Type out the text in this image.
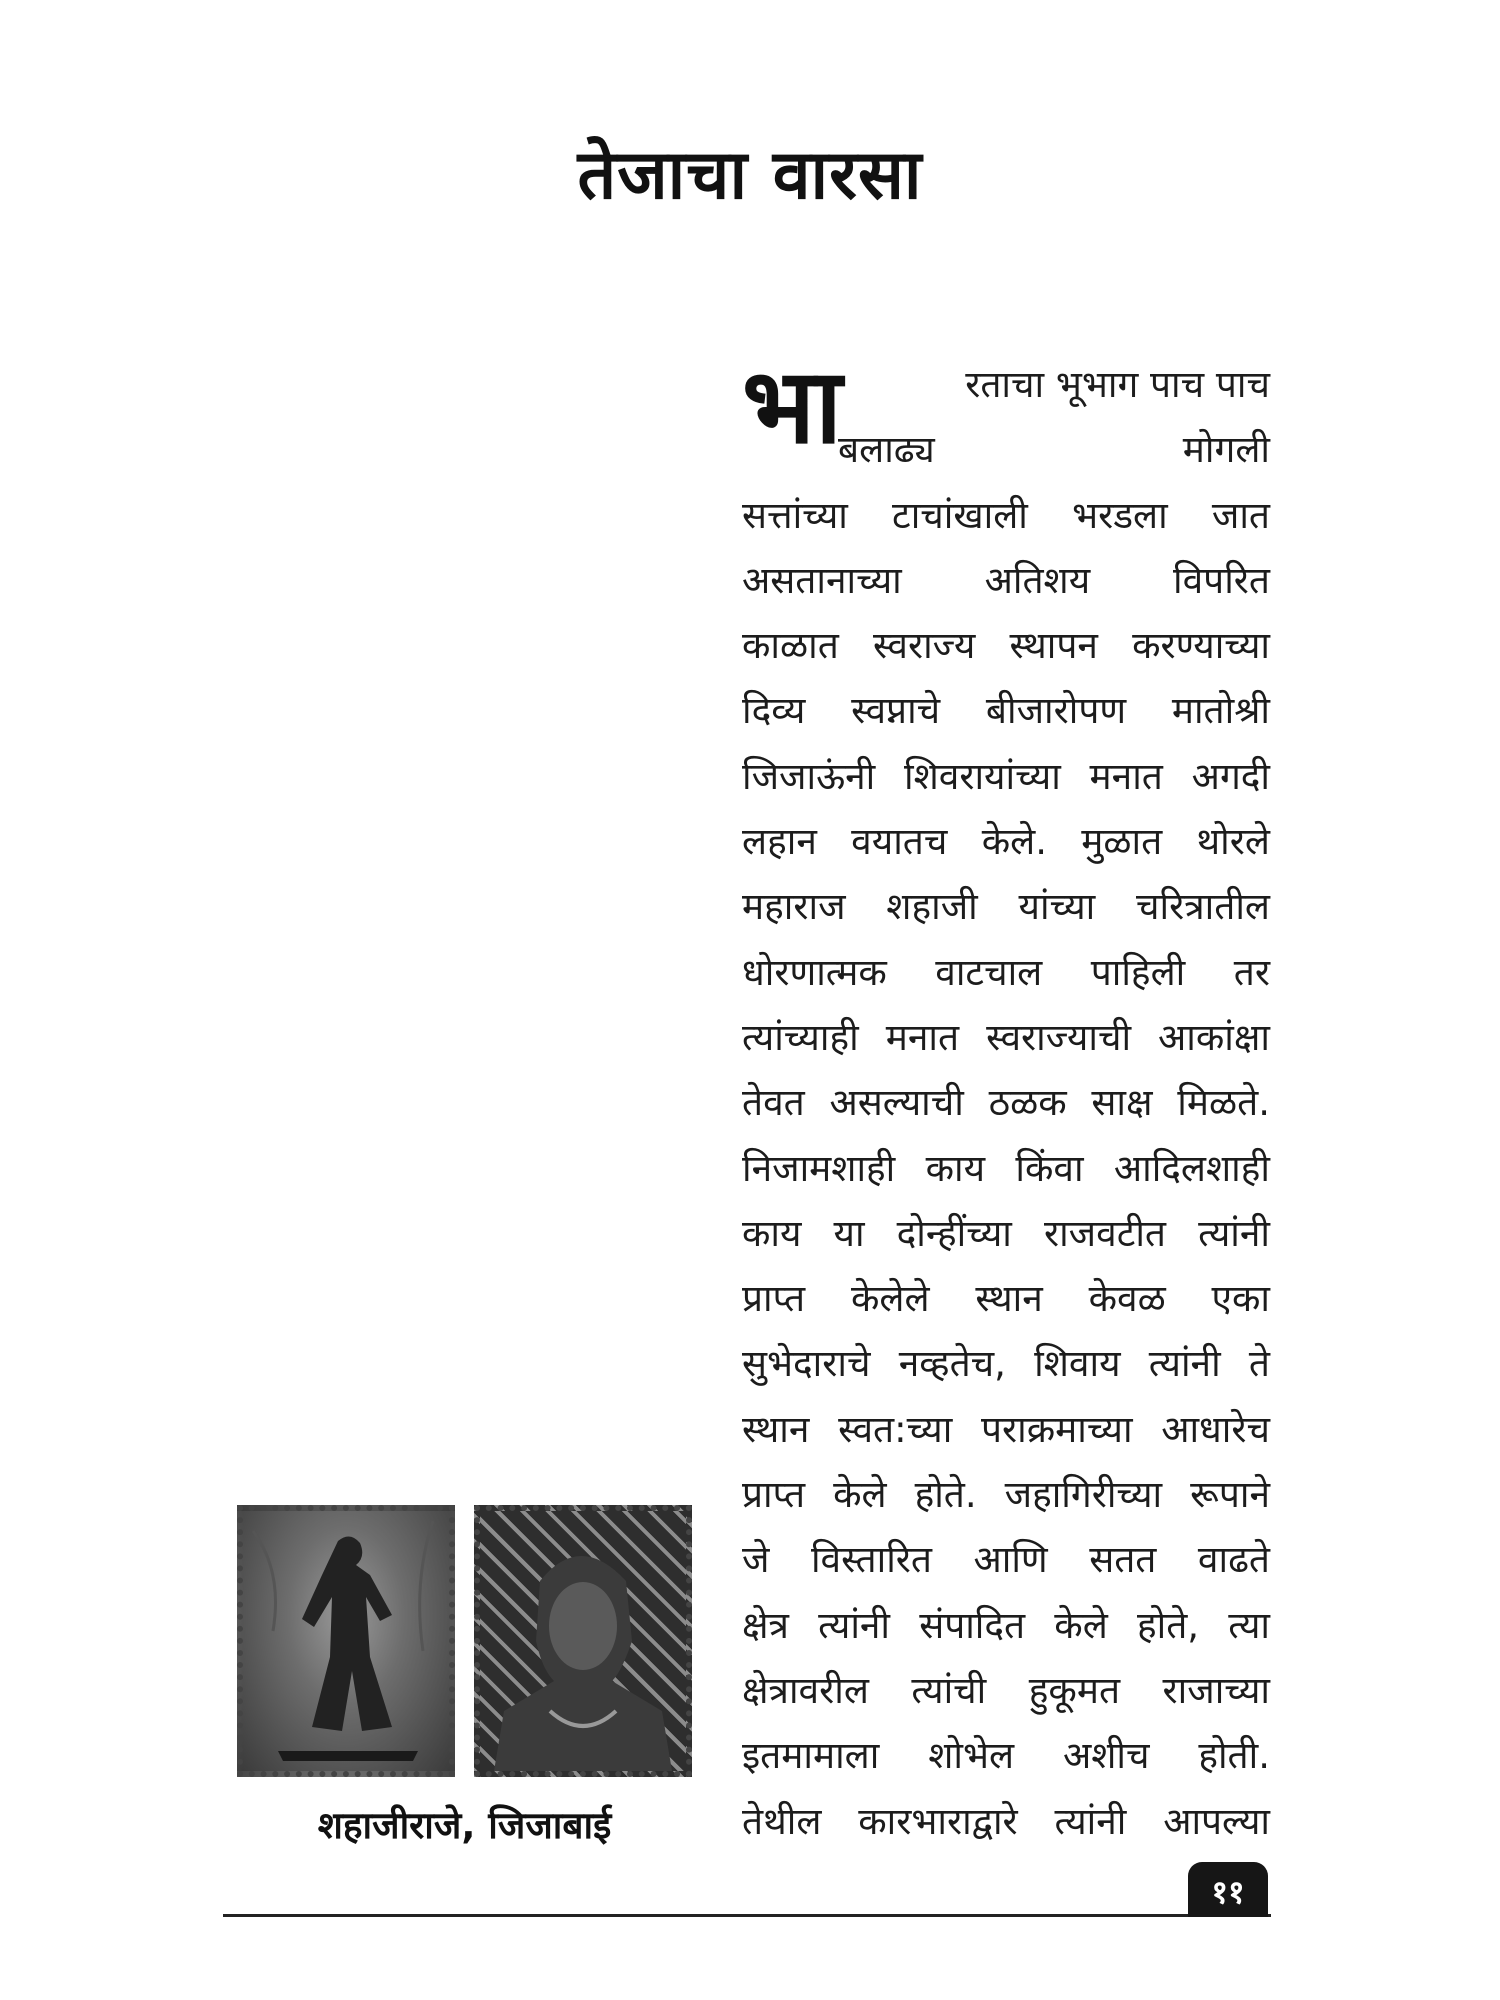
तेजाचा वारसा
भा	रताचा भूभाग पाच पाच
बलाढ्य	मोगली
सत्तांच्या टाचांखाली भरडला जात
असतानाच्या अतिशय विपरित
काळात स्वराज्य स्थापन करण्याच्या
दिव्य स्वप्नाचे बीजारोपण मातोश्री
जिजाऊंनी शिवरायांच्या मनात अगदी
लहान वयातच केले. मुळात थोरले
महाराज शहाजी यांच्या चरित्रातील
धोरणात्मक वाटचाल पाहिली तर
त्यांच्याही मनात स्वराज्याची आकांक्षा
तेवत असल्याची ठळक साक्ष मिळते.
निजामशाही काय किंवा आदिलशाही
काय या दोन्हींच्या राजवटीत त्यांनी
प्राप्त केलेले स्थान केवळ एका
सुभेदाराचे नव्हतेच, शिवाय त्यांनी ते
स्थान स्वत:च्या पराक्रमाच्या आधारेच
प्राप्त केले होते. जहागिरीच्या रूपाने
जे विस्तारित आणि सतत वाढते
क्षेत्र त्यांनी संपादित केले होते, त्या
क्षेत्रावरील त्यांची हुकूमत राजाच्या
इतमामाला शोभेल अशीच होती.
तेथील कारभाराद्वारे त्यांनी आपल्या
शहाजीराजे, जिजाबाई
११
